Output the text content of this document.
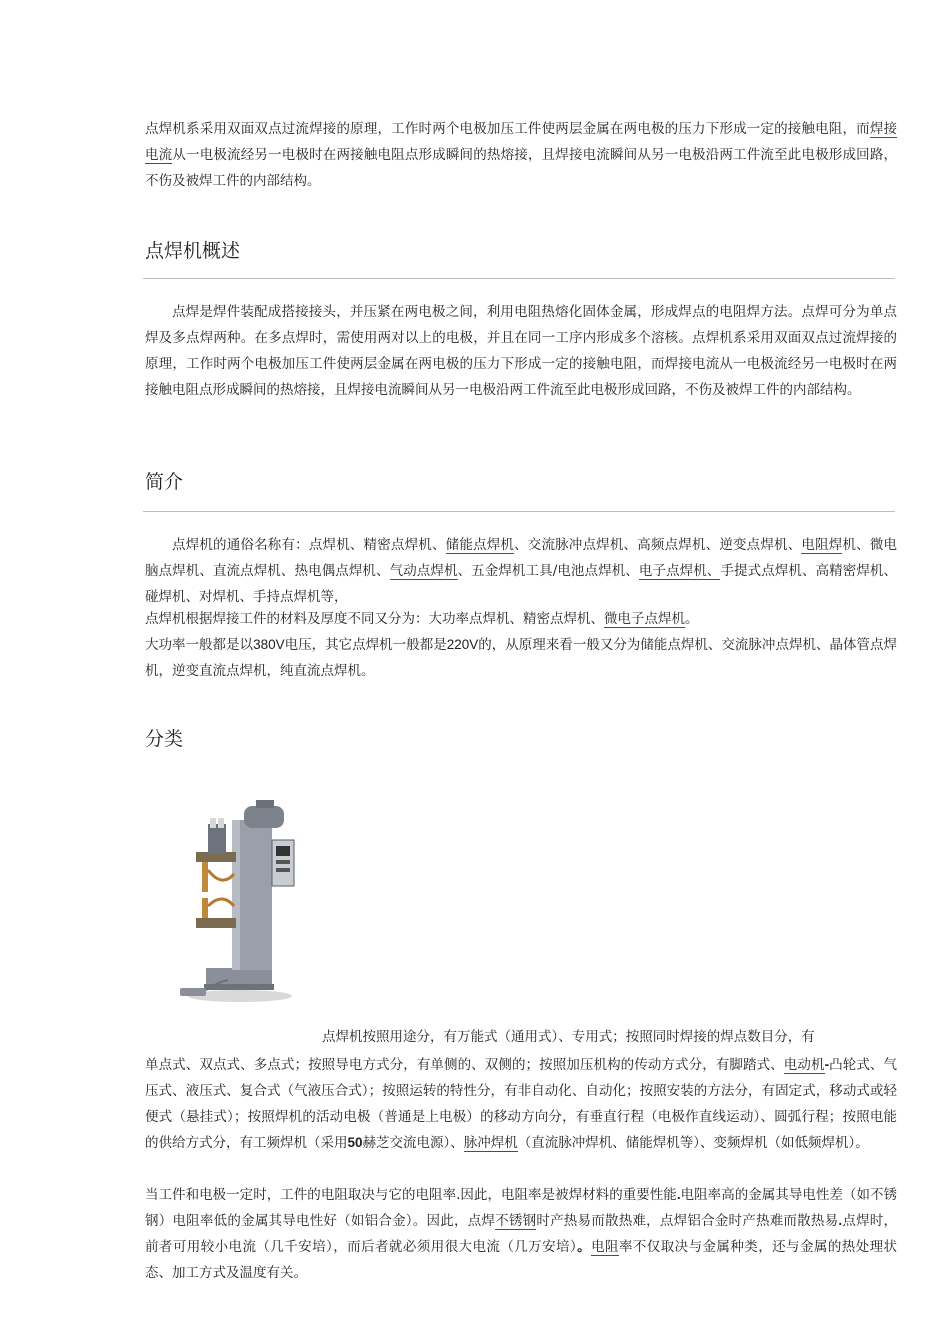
点焊机系采用双面双点过流焊接的原理，工作时两个电极加压工件使两层金属在两电极的压力下形成一定的接触电阻，而焊接电流从一电极流经另一电极时在两接触电阻点形成瞬间的热熔接，且焊接电流瞬间从另一电极沿两工件流至此电极形成回路，不伤及被焊工件的内部结构。

点焊机概述

点焊是焊件装配成搭接接头，并压紧在两电极之间，利用电阻热熔化固体金属，形成焊点的电阻焊方法。点焊可分为单点焊及多点焊两种。在多点焊时，需使用两对以上的电极，并且在同一工序内形成多个溶核。点焊机系采用双面双点过流焊接的原理，工作时两个电极加压工件使两层金属在两电极的压力下形成一定的接触电阻，而焊接电流从一电极流经另一电极时在两接触电阻点形成瞬间的热熔接，且焊接电流瞬间从另一电极沿两工件流至此电极形成回路，不伤及被焊工件的内部结构。

简介

点焊机的通俗名称有：点焊机、精密点焊机、储能点焊机、交流脉冲点焊机、高频点焊机、逆变点焊机、电阻焊机、微电脑点焊机、直流点焊机、热电偶点焊机、气动点焊机、五金焊机工具/电池点焊机、电子点焊机、手提式点焊机、高精密焊机、碰焊机、对焊机、手持点焊机等，

点焊机根据焊接工件的材料及厚度不同又分为：大功率点焊机、精密点焊机、微电子点焊机。

大功率一般都是以380V电压，其它点焊机一般都是220V的，从原理来看一般又分为储能点焊机、交流脉冲点焊机、晶体管点焊机，逆变直流点焊机，纯直流点焊机。

分类

点焊机按照用途分，有万能式（通用式）、专用式；按照同时焊接的焊点数目分，有

单点式、双点式、多点式；按照导电方式分，有单侧的、双侧的；按照加压机构的传动方式分，有脚踏式、电动机-凸轮式、气压式、液压式、复合式（气液压合式）；按照运转的特性分，有非自动化、自动化；按照安装的方法分，有固定式，移动式或轻便式（悬挂式）；按照焊机的活动电极（普通是上电极）的移动方向分，有垂直行程（电极作直线运动）、圆弧行程；按照电能的供给方式分，有工频焊机（采用50赫芝交流电源）、脉冲焊机（直流脉冲焊机、储能焊机等）、变频焊机（如低频焊机）。

当工件和电极一定时，工件的电阻取决与它的电阻率.因此，电阻率是被焊材料的重要性能.电阻率高的金属其导电性差（如不锈钢）电阻率低的金属其导电性好（如铝合金）。因此，点焊不锈钢时产热易而散热难，点焊铝合金时产热难而散热易.点焊时，前者可用较小电流（几千安培），而后者就必须用很大电流（几万安培）。电阻率不仅取决与金属种类，还与金属的热处理状态、加工方式及温度有关。
